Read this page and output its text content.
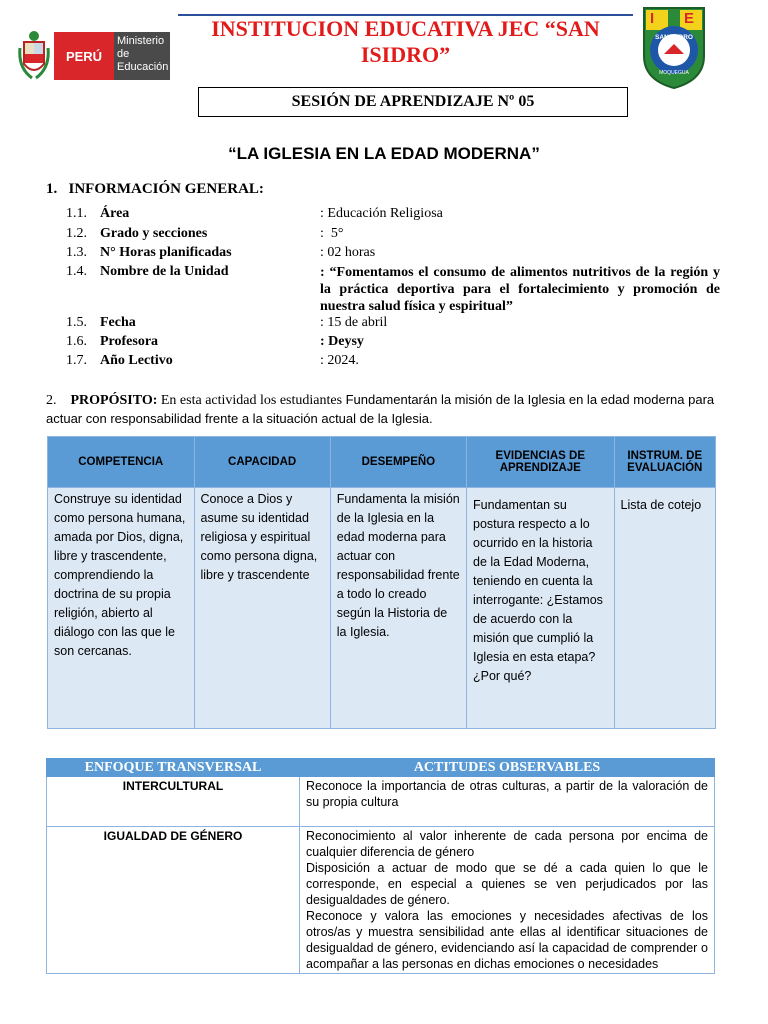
PERÚ
Ministerio de Educación
INSTITUCION EDUCATIVA JEC “SAN ISIDRO”
I E
SAN ISIDRO
MOQUEGUA
SESIÓN DE APRENDIZAJE Nº 05
“LA IGLESIA EN LA EDAD MODERNA”
1.   INFORMACIÓN GENERAL:
1.1. Área	: Educación Religiosa
1.2. Grado y secciones	:  5°
1.3. N° Horas planificadas	: 02 horas
1.4. Nombre de la Unidad	: “Fomentamos el consumo de alimentos nutritivos de la región y la práctica deportiva para el fortalecimiento y promoción de nuestra salud física y espiritual”
1.5. Fecha	: 15 de abril
1.6. Profesora	: Deysy
1.7. Año Lectivo	: 2024.
2. PROPÓSITO: En esta actividad los estudiantes Fundamentarán la misión de la Iglesia en la edad moderna para actuar con responsabilidad frente a la situación actual de la Iglesia.
COMPETENCIA	CAPACIDAD	DESEMPEÑO	EVIDENCIAS DE APRENDIZAJE	INSTRUM. DE EVALUACIÓN
Construye su identidad como persona humana, amada por Dios, digna, libre y trascendente, comprendiendo la doctrina de su propia religión, abierto al diálogo con las que le son cercanas.	Conoce a Dios y asume su identidad religiosa y espiritual como persona digna, libre y trascendente	Fundamenta la misión de la Iglesia en la edad moderna para actuar con responsabilidad frente a todo lo creado según la Historia de la Iglesia.	Fundamentan su postura respecto a lo ocurrido en la historia de la Edad Moderna, teniendo en cuenta la interrogante: ¿Estamos de acuerdo con la misión que cumplió la Iglesia en esta etapa? ¿Por qué?	Lista de cotejo
ENFOQUE TRANSVERSAL	ACTITUDES OBSERVABLES
INTERCULTURAL	Reconoce la importancia de otras culturas, a partir de la valoración de su propia cultura

IGUALDAD DE GÉNERO	Reconocimiento al valor inherente de cada persona por encima de cualquier diferencia de género
Disposición a actuar de modo que se dé a cada quien lo que le corresponde, en especial a quienes se ven perjudicados por las desigualdades de género.
Reconoce y valora las emociones y necesidades afectivas de los otros/as y muestra sensibilidad ante ellas al identificar situaciones de desigualdad de género, evidenciando así la capacidad de comprender o acompañar a las personas en dichas emociones o necesidades
